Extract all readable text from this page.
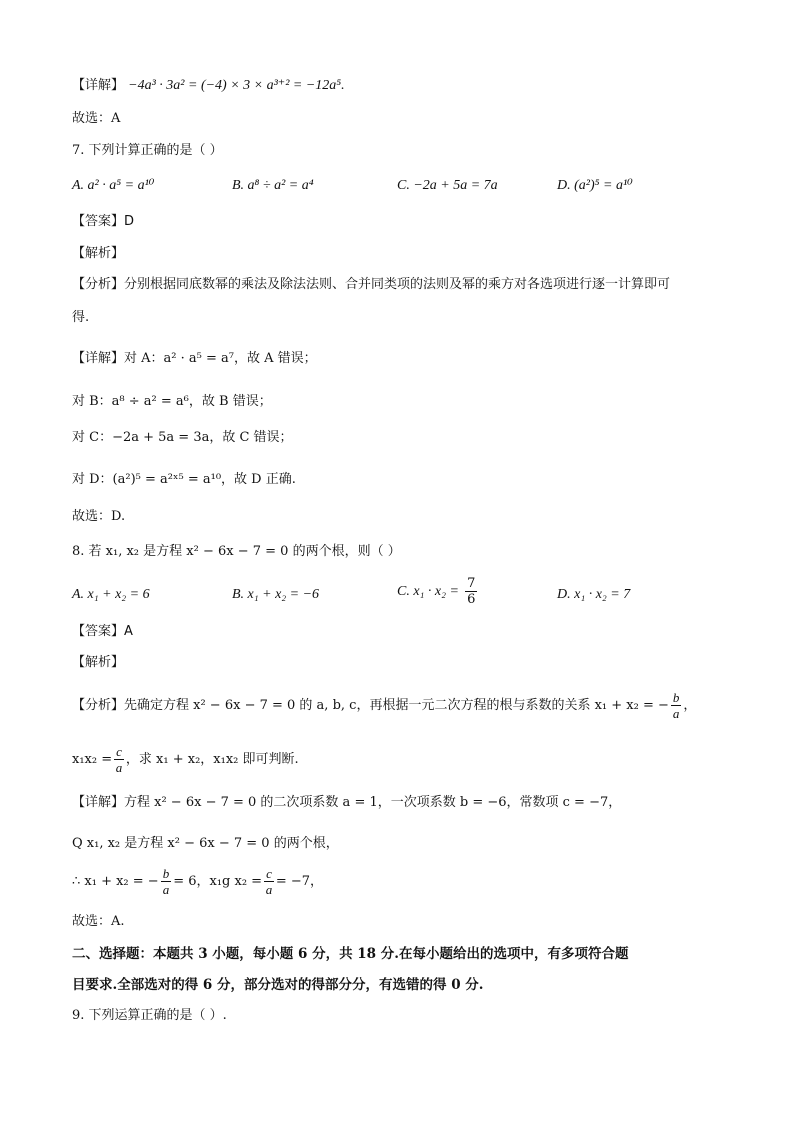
【详解】 −4a³ · 3a² = (−4) × 3 × a³⁺² = −12a⁵.
故选：A
7. 下列计算正确的是（ ）
A. a² · a⁵ = a¹⁰	B. a⁸ ÷ a² = a⁴	C. −2a + 5a = 7a	D. (a²)⁵ = a¹⁰
【答案】D
【解析】
【分析】分别根据同底数幂的乘法及除法法则、合并同类项的法则及幂的乘方对各选项进行逐一计算即可
得.
【详解】对 A：a² · a⁵ = a⁷，故 A 错误；
对 B：a⁸ ÷ a² = a⁶，故 B 错误；
对 C：−2a + 5a = 3a，故 C 错误；
对 D：(a²)⁵ = a²ˣ⁵ = a¹⁰，故 D 正确.
故选：D.
8. 若 x₁, x₂ 是方程 x² − 6x − 7 = 0 的两个根，则（ ）
A. x₁ + x₂ = 6	B. x₁ + x₂ = −6	C. $x_1 \cdot x_2 = \frac{7}{6}$	D. x₁ · x₂ = 7
【答案】A
【解析】
【分析】先确定方程 x² − 6x − 7 = 0 的 a, b, c，再根据一元二次方程的根与系数的关系 x₁ + x₂ = − $\frac{b}{a}$ ，
$x_1x_2 = \frac{c}{a}$ ，求 x₁ + x₂，x₁x₂ 即可判断.
【详解】方程 x² − 6x − 7 = 0 的二次项系数 a = 1，一次项系数 b = −6，常数项 c = −7，
Q x₁, x₂ 是方程 x² − 6x − 7 = 0 的两个根，
∴ x₁ + x₂ = − $\frac{b}{a} = 6$，x₁g $x_2 = \frac{c}{a} = -7$，
故选：A.
二、选择题：本题共 3 小题，每小题 6 分，共 18 分.在每小题给出的选项中，有多项符合题
目要求.全部选对的得 6 分，部分选对的得部分分，有选错的得 0 分.
9. 下列运算正确的是（ ）.
